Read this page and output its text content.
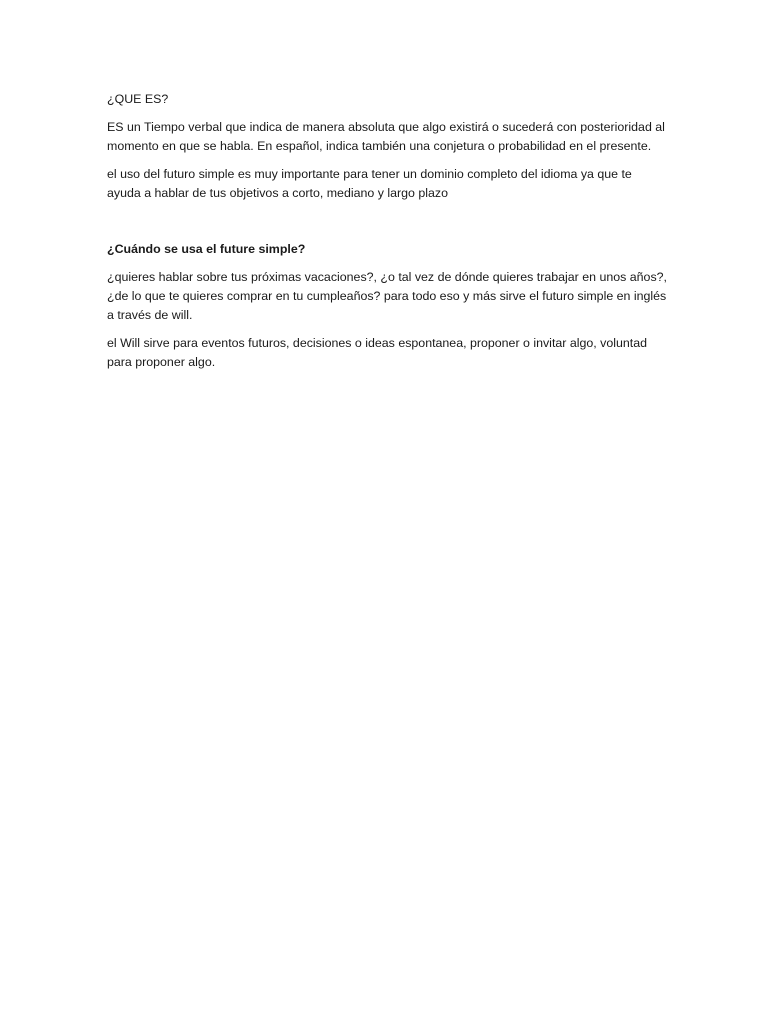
¿QUE ES?

ES un Tiempo verbal que indica de manera absoluta que algo existirá o sucederá con posterioridad al momento en que se habla. En español, indica también una conjetura o probabilidad en el presente.

el uso del futuro simple es muy importante para tener un dominio completo del idioma ya que te ayuda a hablar de tus objetivos a corto, mediano y largo plazo

¿Cuándo se usa el future simple?

¿quieres hablar sobre tus próximas vacaciones?, ¿o tal vez de dónde quieres trabajar en unos años?, ¿de lo que te quieres comprar en tu cumpleaños? para todo eso y más sirve el futuro simple en inglés a través de will.

el Will sirve para eventos futuros, decisiones o ideas espontanea, proponer o invitar algo, voluntad para proponer algo.
